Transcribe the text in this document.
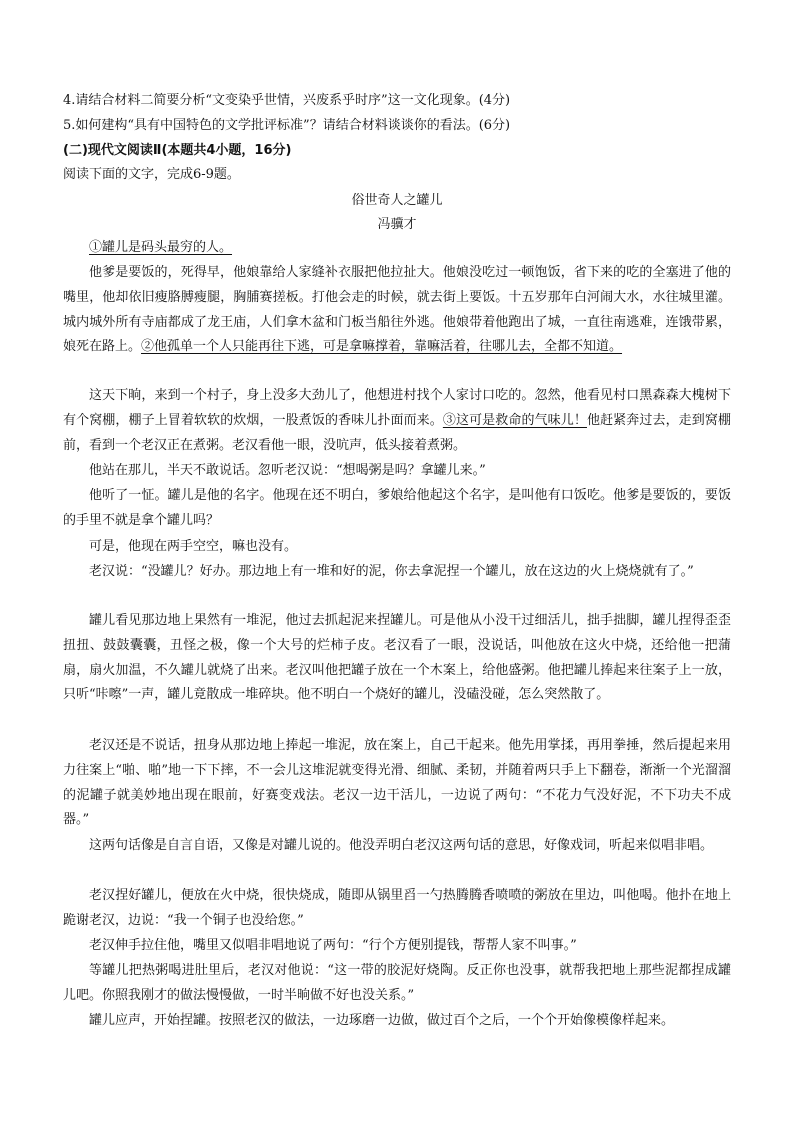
4.请结合材料二简要分析“文变染乎世情，兴废系乎时序”这一文化现象。(4分)
5.如何建构“具有中国特色的文学批评标准”？请结合材料谈谈你的看法。(6分)
(二)现代文阅读Ⅱ(本题共4小题，16分)
阅读下面的文字，完成6-9题。
俗世奇人之罐儿
冯骥才

①罐儿是码头最穷的人。

他爹是要饭的，死得早，他娘靠给人家缝补衣服把他拉扯大。他娘没吃过一顿饱饭，省下来的吃的全塞进了他的嘴里，他却依旧瘦胳膊瘦腿，胸脯赛搓板。打他会走的时候，就去街上要饭。十五岁那年白河闹大水，水往城里灌。城内城外所有寺庙都成了龙王庙，人们拿木盆和门板当船往外逃。他娘带着他跑出了城，一直往南逃难，连饿带累，娘死在路上。②他孤单一个人只能再往下逃，可是拿嘛撑着，靠嘛活着，往哪儿去，全都不知道。

这天下晌，来到一个村子，身上没多大劲儿了，他想进村找个人家讨口吃的。忽然，他看见村口黑森森大槐树下有个窝棚，棚子上冒着软软的炊烟，一股煮饭的香味儿扑面而来。③这可是救命的气味儿！他赶紧奔过去，走到窝棚前，看到一个老汉正在煮粥。老汉看他一眼，没吭声，低头接着煮粥。

他站在那儿，半天不敢说话。忽听老汉说：“想喝粥是吗？拿罐儿来。”

他听了一怔。罐儿是他的名字。他现在还不明白，爹娘给他起这个名字，是叫他有口饭吃。他爹是要饭的，要饭的手里不就是拿个罐儿吗？

可是，他现在两手空空，嘛也没有。

老汉说：“没罐儿？好办。那边地上有一堆和好的泥，你去拿泥捏一个罐儿，放在这边的火上烧烧就有了。”

罐儿看见那边地上果然有一堆泥，他过去抓起泥来捏罐儿。可是他从小没干过细活儿，拙手拙脚，罐儿捏得歪歪扭扭、鼓鼓囊囊，丑怪之极，像一个大号的烂柿子皮。老汉看了一眼，没说话，叫他放在这火中烧，还给他一把蒲扇，扇火加温，不久罐儿就烧了出来。老汉叫他把罐子放在一个木案上，给他盛粥。他把罐儿捧起来往案子上一放，只听“咔嚓”一声，罐儿竟散成一堆碎块。他不明白一个烧好的罐儿，没磕没碰，怎么突然散了。

老汉还是不说话，扭身从那边地上捧起一堆泥，放在案上，自己干起来。他先用掌揉，再用拳捶，然后提起来用力往案上“啪、啪”地一下下摔，不一会儿这堆泥就变得光滑、细腻、柔韧，并随着两只手上下翻卷，渐渐一个光溜溜的泥罐子就美妙地出现在眼前，好赛变戏法。老汉一边干活儿，一边说了两句：“不花力气没好泥，不下功夫不成器。”

这两句话像是自言自语，又像是对罐儿说的。他没弄明白老汉这两句话的意思，好像戏词，听起来似唱非唱。

老汉捏好罐儿，便放在火中烧，很快烧成，随即从锅里舀一勺热腾腾香喷喷的粥放在里边，叫他喝。他扑在地上跪谢老汉，边说：“我一个铜子也没给您。”

老汉伸手拉住他，嘴里又似唱非唱地说了两句：“行个方便别提钱，帮帮人家不叫事。”

等罐儿把热粥喝进肚里后，老汉对他说：“这一带的胶泥好烧陶。反正你也没事，就帮我把地上那些泥都捏成罐儿吧。你照我刚才的做法慢慢做，一时半晌做不好也没关系。”

罐儿应声，开始捏罐。按照老汉的做法，一边琢磨一边做，做过百个之后，一个个开始像模像样起来。
